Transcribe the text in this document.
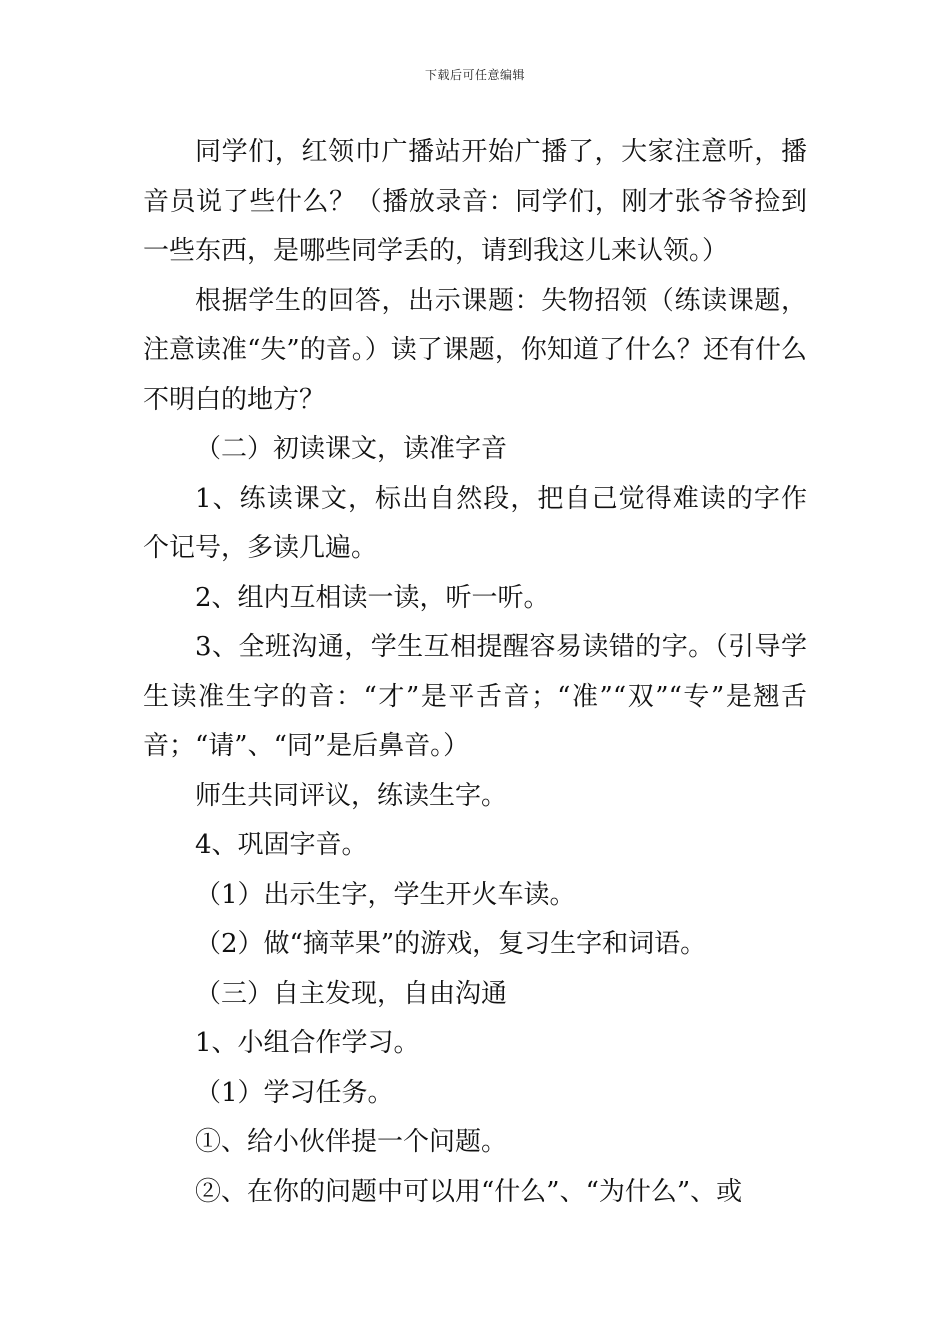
下载后可任意编辑

同学们，红领巾广播站开始广播了，大家注意听，播音员说了些什么？（播放录音：同学们，刚才张爷爷捡到一些东西，是哪些同学丢的，请到我这儿来认领。）

根据学生的回答，出示课题：失物招领（练读课题，注意读准“失”的音。）读了课题，你知道了什么？还有什么不明白的地方？

（二）初读课文，读准字音

1、练读课文，标出自然段，把自己觉得难读的字作个记号，多读几遍。

2、组内互相读一读，听一听。

3、全班沟通，学生互相提醒容易读错的字。（引导学生读准生字的音：“才”是平舌音；“准”“双”“专”是翘舌音；“请”、“同”是后鼻音。）

师生共同评议，练读生字。

4、巩固字音。

（1）出示生字，学生开火车读。

（2）做“摘苹果”的游戏，复习生字和词语。

（三）自主发现，自由沟通

1、小组合作学习。

（1）学习任务。

①、给小伙伴提一个问题。

②、在你的问题中可以用“什么”、“为什么”、或
